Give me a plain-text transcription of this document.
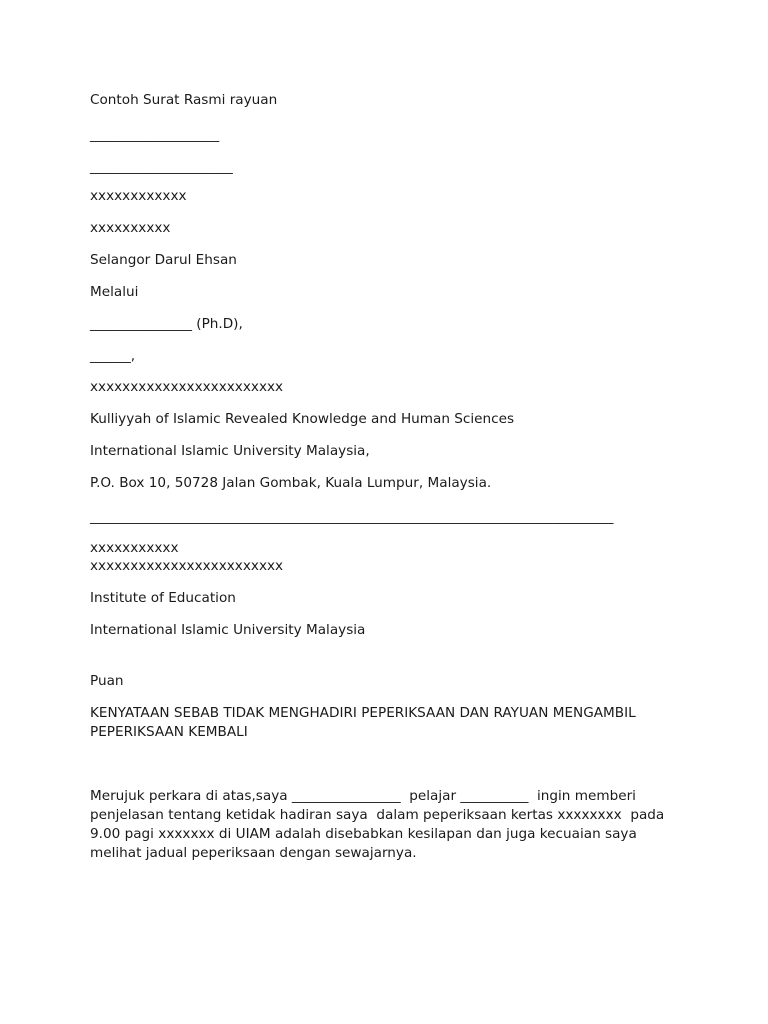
Contoh Surat Rasmi rayuan
___________________
_____________________
xxxxxxxxxxxx
xxxxxxxxxx
Selangor Darul Ehsan
Melalui
_______________ (Ph.D),
______,
xxxxxxxxxxxxxxxxxxxxxxxx
Kulliyyah of Islamic Revealed Knowledge and Human Sciences
International Islamic University Malaysia,
P.O. Box 10, 50728 Jalan Gombak, Kuala Lumpur, Malaysia.
_____________________________________________________________________________
xxxxxxxxxxx
xxxxxxxxxxxxxxxxxxxxxxxx
Institute of Education
International Islamic University Malaysia
Puan
KENYATAAN SEBAB TIDAK MENGHADIRI PEPERIKSAAN DAN RAYUAN MENGAMBIL PEPERIKSAAN KEMBALI
Merujuk perkara di atas,saya ________________  pelajar __________  ingin memberi
penjelasan tentang ketidak hadiran saya  dalam peperiksaan kertas xxxxxxxx  pada
9.00 pagi xxxxxxx di UIAM adalah disebabkan kesilapan dan juga kecuaian saya
melihat jadual peperiksaan dengan sewajarnya.
